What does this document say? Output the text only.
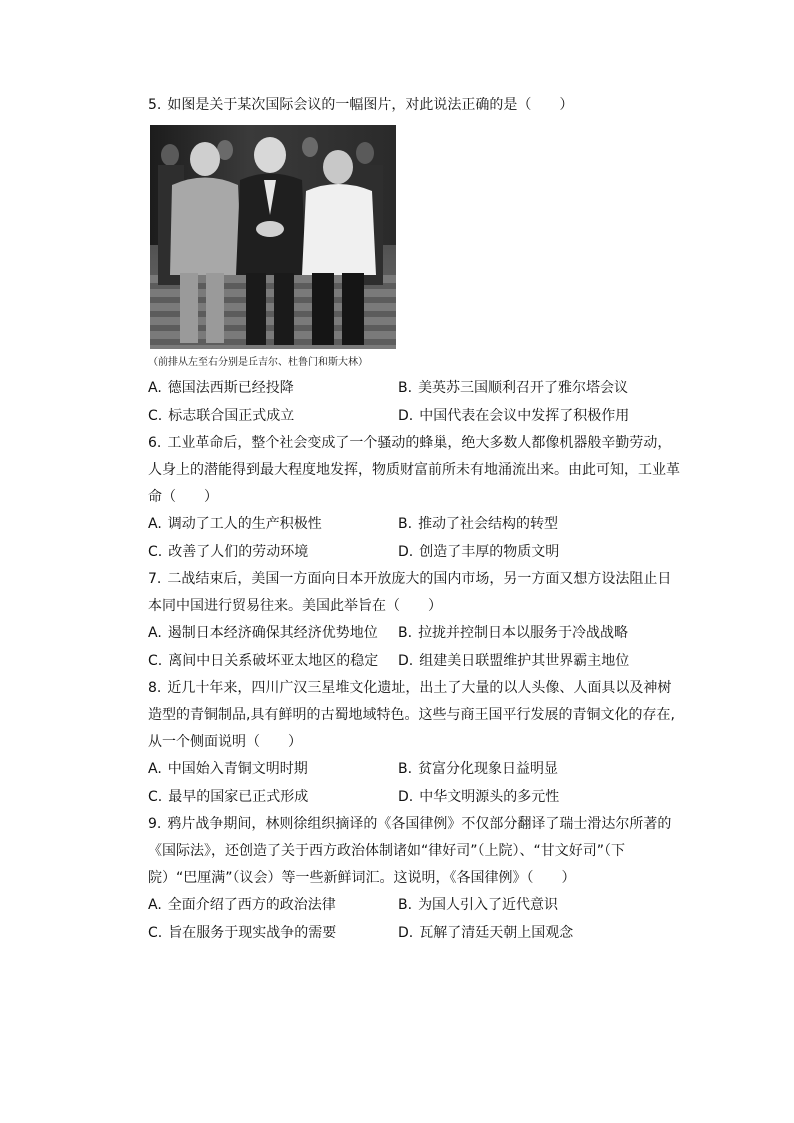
5. 如图是关于某次国际会议的一幅图片，对此说法正确的是（　　）
（前排从左至右分别是丘吉尔、杜鲁门和斯大林）
A. 德国法西斯已经投降	B. 美英苏三国顺利召开了雅尔塔会议
C. 标志联合国正式成立	D. 中国代表在会议中发挥了积极作用
6. 工业革命后，整个社会变成了一个骚动的蜂巢，绝大多数人都像机器般辛勤劳动，
人身上的潜能得到最大程度地发挥，物质财富前所未有地涌流出来。由此可知，工业革
命（　　）
A. 调动了工人的生产积极性	B. 推动了社会结构的转型
C. 改善了人们的劳动环境	D. 创造了丰厚的物质文明
7. 二战结束后，美国一方面向日本开放庞大的国内市场，另一方面又想方设法阻止日
本同中国进行贸易往来。美国此举旨在（　　）
A. 遏制日本经济确保其经济优势地位	B. 拉拢并控制日本以服务于冷战战略
C. 离间中日关系破坏亚太地区的稳定	D. 组建美日联盟维护其世界霸主地位
8. 近几十年来，四川广汉三星堆文化遗址，出土了大量的以人头像、人面具以及神树
造型的青铜制品,具有鲜明的古蜀地域特色。这些与商王国平行发展的青铜文化的存在,
从一个侧面说明（　　）
A. 中国始入青铜文明时期	B. 贫富分化现象日益明显
C. 最早的国家已正式形成	D. 中华文明源头的多元性
9. 鸦片战争期间，林则徐组织摘译的《各国律例》不仅部分翻译了瑞士滑达尔所著的
《国际法》，还创造了关于西方政治体制诸如“律好司”（上院）、“甘文好司”（下
院）“巴厘满”（议会）等一些新鲜词汇。这说明，《各国律例》（　　）
A. 全面介绍了西方的政治法律	B. 为国人引入了近代意识
C. 旨在服务于现实战争的需要	D. 瓦解了清廷天朝上国观念
